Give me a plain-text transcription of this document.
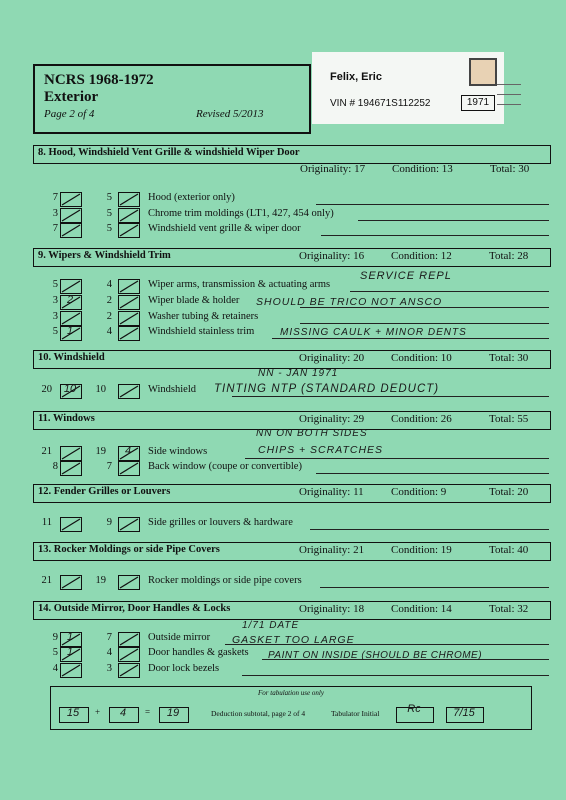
NCRS 1968-1972
Exterior
Page 2 of 4	Revised 5/2013
Felix, Eric
VIN # 194671S112252	1971
8. Hood, Windshield Vent Grille & windshield Wiper Door
Originality: 17 Condition: 13	Total: 30
9. Wipers & Windshield Trim	Originality: 16 Condition: 12	Total: 28
10. Windshield	Originality: 20 Condition: 10	Total: 30
11. Windows	Originality: 29 Condition: 26	Total: 55
12. Fender Grilles or Louvers	Originality: 11 Condition: 9	Total: 20
13. Rocker Moldings or side Pipe Covers	Originality: 21 Condition: 19	Total: 40
14. Outside Mirror, Door Handles & Locks	Originality: 18 Condition: 14	Total: 32
7	5	Hood (exterior only)
3	5	Chrome trim moldings (LT1, 427, 454 only)
7	5	Windshield vent grille & wiper door
5	4	Wiper arms, transmission & actuating arms
3 2	2	Wiper blade & holder
3	2	Washer tubing & retainers
5 1	4	Windshield stainless trim
20	10	10	Windshield
21	19	4	Side windows
8	7	Back window (coupe or convertible)
11	9	Side grilles or louvers & hardware
21	19	Rocker moldings or side pipe covers
9 1	7	Outside mirror
5 1	4	Door handles & gaskets
4	3	Door lock bezels
SERVICE REPL
SHOULD BE TRICO NOT ANSCO
MISSING CAULK + MINOR DENTS
NN - JAN 1971
TINTING NTP (STANDARD DEDUCT)
NN ON BOTH SIDES
CHIPS + SCRATCHES
1/71 DATE
GASKET TOO LARGE
PAINT ON INSIDE (SHOULD BE CHROME)
For tabulation use only
15	+	4	=	19	Deduction subtotal, page 2 of 4	Tabulator Initial	Rc	7/15
